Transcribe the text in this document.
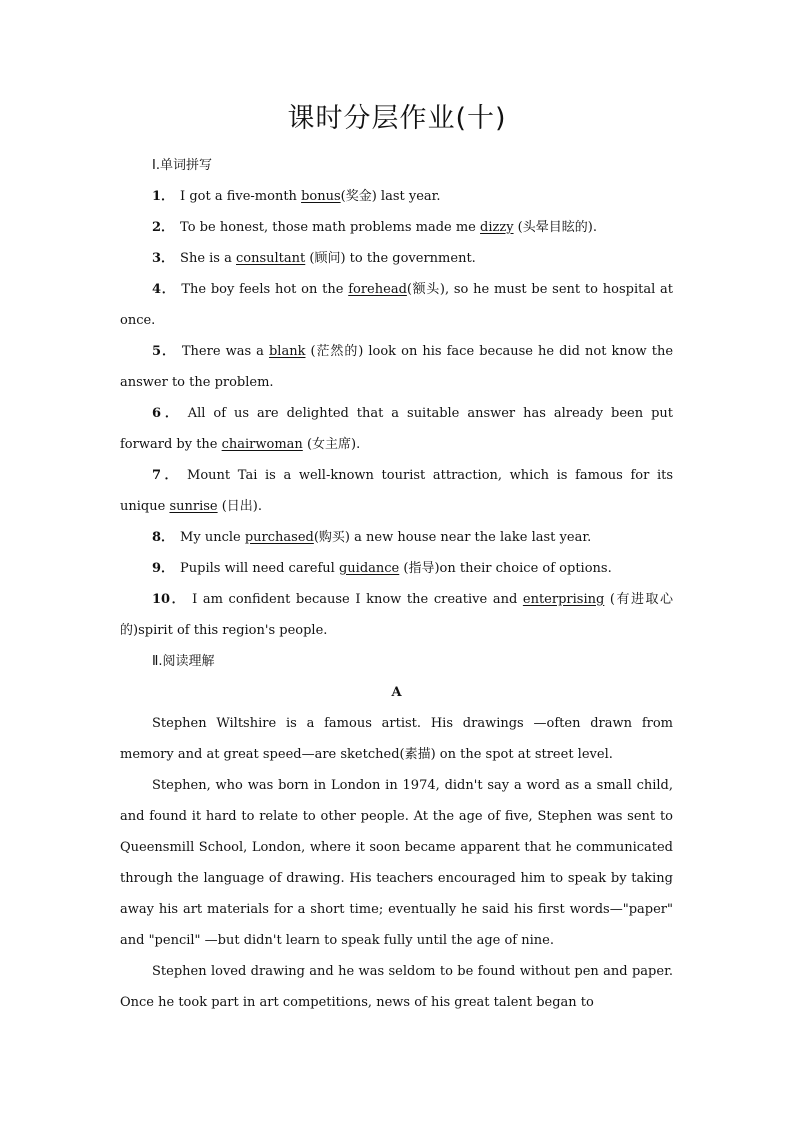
课时分层作业(十)
Ⅰ.单词拼写

1． I got a five-month bonus(奖金) last year.

2． To be honest, those math problems made me dizzy (头晕目眩的).

3． She is a consultant (顾问) to the government.

4． The boy feels hot on the forehead(额头), so he must be sent to hospital at once.

5． There was a blank (茫然的) look on his face because he did not know the answer to the problem.

6． All of us are delighted that a suitable answer has already been put forward by the chairwoman (女主席).

7． Mount Tai is a well-known tourist attraction, which is famous for its unique sunrise (日出).

8． My uncle purchased(购买) a new house near the lake last year.

9． Pupils will need careful guidance (指导)on their choice of options.

10． I am confident because I know the creative and enterprising (有进取心的)spirit of this region's people.

Ⅱ.阅读理解
A

Stephen Wiltshire is a famous artist. His drawings —often drawn from memory and at great speed—are sketched(素描) on the spot at street level.

Stephen, who was born in London in 1974, didn't say a word as a small child, and found it hard to relate to other people. At the age of five, Stephen was sent to Queensmill School, London, where it soon became apparent that he communicated through the language of drawing. His teachers encouraged him to speak by taking away his art materials for a short time; eventually he said his first words—"paper" and "pencil" —but didn't learn to speak fully until the age of nine.

Stephen loved drawing and he was seldom to be found without pen and paper. Once he took part in art competitions, news of his great talent began to
